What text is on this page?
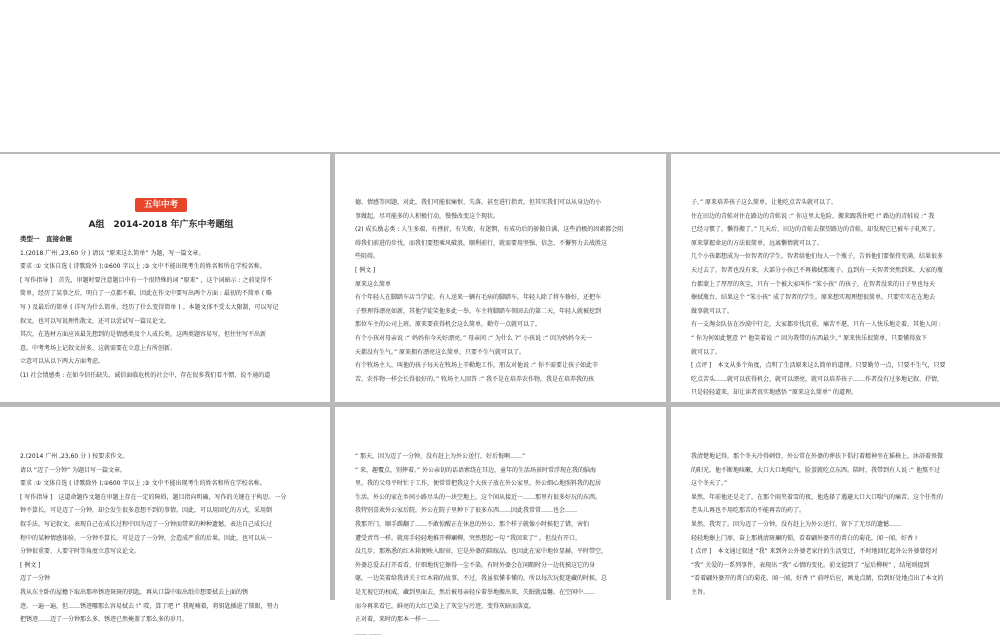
五年中考
A组　2014-2018 年广东中考题组
类型一　直接命题
1.(2018 广州 ,23,60 分 ) 请以 “原来这么简单” 为题，写一篇文章。
要求 :① 文体自选 ( 诗歌除外 );②600 字以上 ;③ 文中不能出现考生的姓名和所在学校名称。
[ 写作指导 ]　首先，审题时要注意题目中有一个很特殊的词 “原来” ，这个词暗示 : 之前觉得不
简单，经历了某事之后，明白了一点都不难。因此在作文中要写出两个方面 : 最初的不简单 ( 略
写 ) 及最后的简单 ( 详写为什么简单，经历了什么变得简单 ) 。本题文体不受太大限制，可以写记
叙文，也可以写说理性散文，还可以尝试写一篇议论文。
其次，在选材方面应该最先想到的是情感类及个人成长类，这两类题容易写，但往往写不出新
意，中考考场上记叙文居多，这就需要在立意上有所创新。
立意可以从以下两大方面考虑。
(1) 社会情感类 : 在如今信任缺失、诚信面临危机的社会中，存在很多我们看不惯、说不通的道
德、情感等问题，对此，我们可能很痛恨、失落，甚至进行指责，但其实我们可以从身边的小
事做起，尽可能多的人积极行动，慢慢改变这个现状。
(2) 成长励志类 : 人生多艰，有挫折，有失败，有迷惘，有成功后的骄傲自满，这些消极的因素都会阻
碍我们前进的步伐，而我们要想乘风破浪，顺利前行，就需要用坚强、信念、不懈努力去战胜这
些阻碍。
[ 例文 ]
原来这么简单
有个年轻人在脚踏车店当学徒。有人送来一辆有毛病的脚踏车，年轻人除了将车修好，还把车
子整理得漂亮如新，其他学徒笑他多此一举。车主将脚踏车领回去的第二天，年轻人就被挖到
那位车主的公司上班。原来要获得机会这么简单，勤劳一点就可以了。
有个小孩对母亲说 :“ 妈妈你今天好漂亮。” 母亲问 :“ 为什么 ?” 小孩说 :“ 因为妈妈今天一
天都没有生气。” 原来拥有漂亮这么简单，只要不生气就可以了。
有个牧场主人，叫他的孩子每天在牧场上辛勤地工作，朋友对他说 :“ 你不需要让孩子如此辛
苦，农作物一样会长得很好的。” 牧场主人回答 :“ 我不是在培养农作物，我是在培养我的孩
子。” 原来培养孩子这么简单，让他吃点苦头就可以了。
住在田边的青蛙对住在路边的青蛙说 :“ 你这里太危险，搬来跟我住吧 !” 路边的青蛙说 :“ 我
已经习惯了，懒得搬了。” 几天后，田边的青蛙去探望路边的青蛙，却发现它已被车子轧死了。
原来掌握命运的方法很简单，远离懒惰就可以了。
几个小孩都想成为一位智者的学生，智者给他们每人一个瓶子，告诉他们要保持充满，结果很多
天过去了，智者也没有来，大部分小孩已不再佛拭那瓶子。直到有一天智者突然到来，大家的瓶
台都蒙上了厚厚的灰尘，只有一个被大家叫作 “笨小孩” 的孩子，在智者没来的日子里也每天
擦拭瓶台，结果这个 “笨小孩” 成了智者的学生。原来想实现理想很简单，只要实实在在地去
做事就可以了。
有一支淘金队伍在沙漠中行走，大家都步伐沉重，痛苦不堪，只有一人快乐地走着，其他人问 :
“ 你为何如此惬意 ?” 他笑着说 :“ 因为我带的东西最少。” 原来快乐很简单，只要懂得放下
就可以了。
[ 点评 ]　本文从多个角度，点明了生活原来这么简单的道理。只要勤劳一点，只要不生气，只要
吃点苦头……就可以获得机会，就可以漂亮，就可以培养孩子……作者没有过多地记叙、抒情，
只是轻轻道来，却让读者真实地感悟 “原来这么简单” 的道理。
2.(2014 广州 ,23,60 分 ) 按要求作文。
请以 “迈了一分钟” 为题目写一篇文章。
要求 :① 文体自选 ( 诗歌除外 );②600 字以上 ;③ 文中不能出现考生的姓名和所在学校名称。
[ 写作指导 ]　这道命题作文题在审题上存在一定的障碍，题目指向明确，写作的关键在于构思。一分
钟不算长，可是迈了一分钟，却会发生很多意想不到的事情。因此，可以用回忆的方式，采用倒
叙手法，写记叙文，表现自己在成长过程中因为迈了一分钟而带来的种种遗憾，表达自己成长过
程中的某种情感体验。一分钟不算长，可是迈了一分钟，会造成严重的后果。因此，也可以从一
分钟很重要、人要守时等角度立意写议论文。
[ 例文 ]
迈了一分钟
我从东主卧的屋檐下取出那串锈迹斑斑的钥匙，再从口袋中取出纸巾想要拭去上面的锈
迹。一遍一遍，但……锈迹哪那么容易拭去 !” 哎，算了吧 !” 我呢喃着，将钥匙插进了锁眼，努力
把锈迹……迈了一分钟那么多，锈迹已然掩盖了那么多的岁月。
“ 那天，因为迈了一分钟，没有赶上为外公送行，好后悔啊……”
“ 来，趣覆点，别摔着。” 外公亲切的话语萦绕在耳边，童年的生活场景时常浮现在我的脑海
里。我的父母平时忙于工作，便常常把我这个大孩子放在外公家里，外公细心地照料我的起居
生活。外公的家在乡间小路尽头的一块空地上，这个闲从接近一……那里有很多好玩的东西。
我特别喜欢外公家后院，外公在院子里种下了很多东西……因此我常常……也会……
我那开门，顺手踢翻了……不敢惊醒正在休息的外公，那个样子就像小时候犯了错，害怕
遭受责骂一样。就用手轻轻地推开柳斓柳，突然想起一句 “我回来了” 。但没有开口。
没几步，那熟悉的红木箱便映入眼帘，它是外婆的陪嫁品，也因此在家中地位显赫。平时带空，
外婆总爱去打开看看，仔细地抚它擦得一尘不染。有时外婆会在闲暇时分一边抚摸这它的身
躯，一边笑着给我讲关于红木箱的故事，不过，我虽似懂非懂的，所以每次玩捉迷藏的时候，总
是无视它的权威，藏到里面去，然后被母亲轻斥着举地搬出来，失眠就温馨。在空闲中……
而今再来看它，鲜亮的大红已染上了灰尘与污迹，变得灰暗而落寞。
正对着，来时的那本一样一……
…… ……
我清楚地记得，那个冬天冷得刺骨，外公常在外婆的葬扶下倡打着精神坐在摇椅上，沐浴着熹微
的阳光。他不断地咳嗽，大口大口地喘气，脸蛋就吃点东西。陪时，我带到有人说 :“ 他熬不过
这个冬天了。”
果然，年前他还是走了，在那个雨夹着雪的夜，他选择了遇避大口大口喘气的痛苦，这个任性的
老头儿再也不用吃那苦的不能再苦的药了。
果然，我哭了。因为迈了一分钟，没有赶上为外公送行，留下了无尽的遗憾……
轻轻地擦上门扉，奋上那挑清斑斓的锁，看着翩外婆开的菁白的菊花，闻一闻，好香 !
[ 点评 ]　本文通过叙述 “我” 来到外公外婆老家住的生活变迁，不时地回忆起外公外婆曾经对
“我” 关爱的一系列事件，表现出 “我” 心情的变化。前文提到了 “屋后柳树” ，结尾则提到
“看着翩外婆开的菁白的菊花，闻一闻，好香 !” 前呼后应，画龙点睛，恰到好处地点出了本文的
主旨。
